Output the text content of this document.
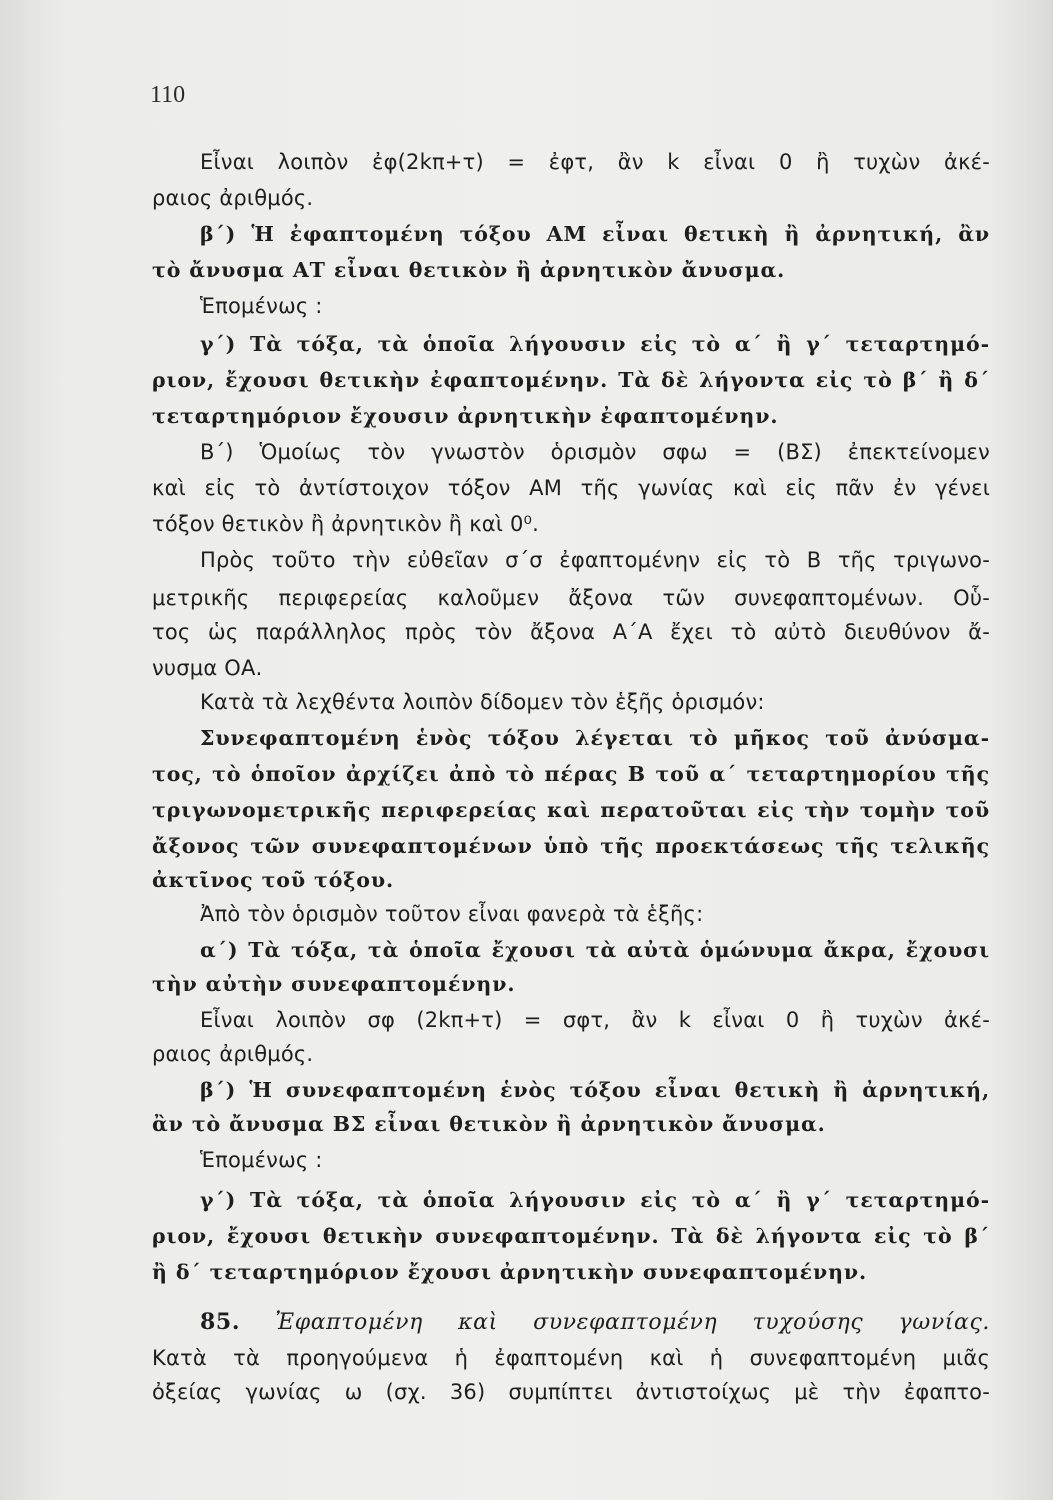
110
Εἶναι λοιπὸν ἐφ(2kπ+τ) = ἐφτ, ἂν k εἶναι 0 ἢ τυχὼν ἀκέ-
ραιος ἀριθμός.
β΄) Ἡ ἐφαπτομένη τόξου ΑΜ εἶναι θετικὴ ἢ ἀρνητική, ἂν
τὸ ἄνυσμα ΑΤ εἶναι θετικὸν ἢ ἀρνητικὸν ἄνυσμα.
Ἑπομένως :
γ΄) Τὰ τόξα, τὰ ὁποῖα λήγουσιν εἰς τὸ α΄ ἢ γ΄ τεταρτημό-
ριον, ἔχουσι θετικὴν ἐφαπτομένην. Τὰ δὲ λήγοντα εἰς τὸ β΄ ἢ δ΄
τεταρτημόριον ἔχουσιν ἀρνητικὴν ἐφαπτομένην.
Β΄) Ὁμοίως τὸν γνωστὸν ὁρισμὸν σφω = (ΒΣ) ἐπεκτείνομεν
καὶ εἰς τὸ ἀντίστοιχον τόξον ΑΜ τῆς γωνίας καὶ εἰς πᾶν ἐν γένει
τόξον θετικὸν ἢ ἀρνητικὸν ἢ καὶ 0⁰.
Πρὸς τοῦτο τὴν εὐθεῖαν σ΄σ ἐφαπτομένην εἰς τὸ Β τῆς τριγωνο-
μετρικῆς περιφερείας καλοῦμεν ἄξονα τῶν συνεφαπτομένων. Οὗ-
τος ὡς παράλληλος πρὸς τὸν ἄξονα Α΄Α ἔχει τὸ αὐτὸ διευθύνον ἄ-
νυσμα ΟΑ.
Κατὰ τὰ λεχθέντα λοιπὸν δίδομεν τὸν ἑξῆς ὁρισμόν:
Συνεφαπτομένη ἑνὸς τόξου λέγεται τὸ μῆκος τοῦ ἀνύσμα-
τος, τὸ ὁποῖον ἀρχίζει ἀπὸ τὸ πέρας Β τοῦ α΄ τεταρτημορίου τῆς
τριγωνομετρικῆς περιφερείας καὶ περατοῦται εἰς τὴν τομὴν τοῦ
ἄξονος τῶν συνεφαπτομένων ὑπὸ τῆς προεκτάσεως τῆς τελικῆς
ἀκτῖνος τοῦ τόξου.
Ἀπὸ τὸν ὁρισμὸν τοῦτον εἶναι φανερὰ τὰ ἑξῆς:
α΄) Τὰ τόξα, τὰ ὁποῖα ἔχουσι τὰ αὐτὰ ὁμώνυμα ἄκρα, ἔχουσι
τὴν αὐτὴν συνεφαπτομένην.
Εἶναι λοιπὸν σφ (2kπ+τ) = σφτ, ἂν k εἶναι 0 ἢ τυχὼν ἀκέ-
ραιος ἀριθμός.
β΄) Ἡ συνεφαπτομένη ἑνὸς τόξου εἶναι θετικὴ ἢ ἀρνητική,
ἂν τὸ ἄνυσμα ΒΣ εἶναι θετικὸν ἢ ἀρνητικὸν ἄνυσμα.
Ἑπομένως :
γ΄) Τὰ τόξα, τὰ ὁποῖα λήγουσιν εἰς τὸ α΄ ἢ γ΄ τεταρτημό-
ριον, ἔχουσι θετικὴν συνεφαπτομένην. Τὰ δὲ λήγοντα εἰς τὸ β΄
ἢ δ΄ τεταρτημόριον ἔχουσι ἀρνητικὴν συνεφαπτομένην.
85. Ἐφαπτομένη καὶ συνεφαπτομένη τυχούσης γωνίας.
Κατὰ τὰ προηγούμενα ἡ ἐφαπτομένη καὶ ἡ συνεφαπτομένη μιᾶς
ὀξείας γωνίας ω (σχ. 36) συμπίπτει ἀντιστοίχως μὲ τὴν ἐφαπτο-
